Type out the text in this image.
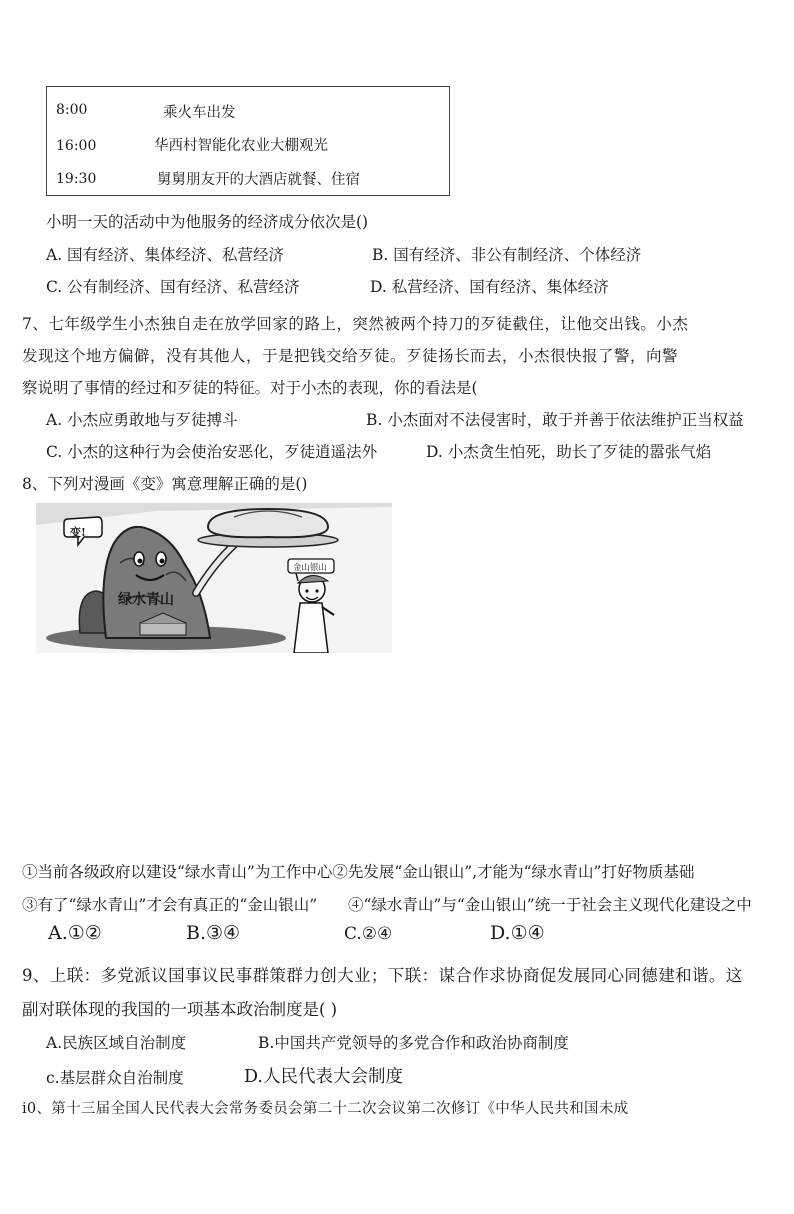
8:00	乘火车出发
16:00	华西村智能化农业大棚观光
19:30	舅舅朋友开的大酒店就餐、住宿
小明一天的活动中为他服务的经济成分依次是()
A. 国有经济、集体经济、私营经济	B. 国有经济、非公有制经济、个体经济
C. 公有制经济、国有经济、私营经济	D. 私营经济、国有经济、集体经济
7、七年级学生小杰独自走在放学回家的路上，突然被两个持刀的歹徒截住，让他交出钱。小杰
发现这个地方偏僻，没有其他人，于是把钱交给歹徒。歹徒扬长而去，小杰很快报了警，向警
察说明了事情的经过和歹徒的特征。对于小杰的表现，你的看法是(
A. 小杰应勇敢地与歹徒搏斗	B. 小杰面对不法侵害时，敢于并善于依法维护正当权益
C. 小杰的这种行为会使治安恶化，歹徒逍遥法外	D. 小杰贪生怕死，助长了歹徒的嚣张气焰
8、下列对漫画《变》寓意理解正确的是()
变!
绿水青山
金山银山
①当前各级政府以建设“绿水青山”为工作中心②先发展“金山银山”,才能为“绿水青山”打好物质基础
③有了“绿水青山”才会有真正的“金山银山” ④“绿水青山”与“金山银山”统一于社会主义现代化建设之中
A.①②	B.③④	C.②④	D.①④
9、上联：多党派议国事议民事群策群力创大业；下联：谋合作求协商促发展同心同德建和谐。这
副对联体现的我国的一项基本政治制度是( )
A.民族区域自治制度	B.中国共产党领导的多党合作和政治协商制度
c.基层群众自治制度	D.人民代表大会制度
i0、第十三届全国人民代表大会常务委员会第二十二次会议第二次修订《中华人民共和国未成
